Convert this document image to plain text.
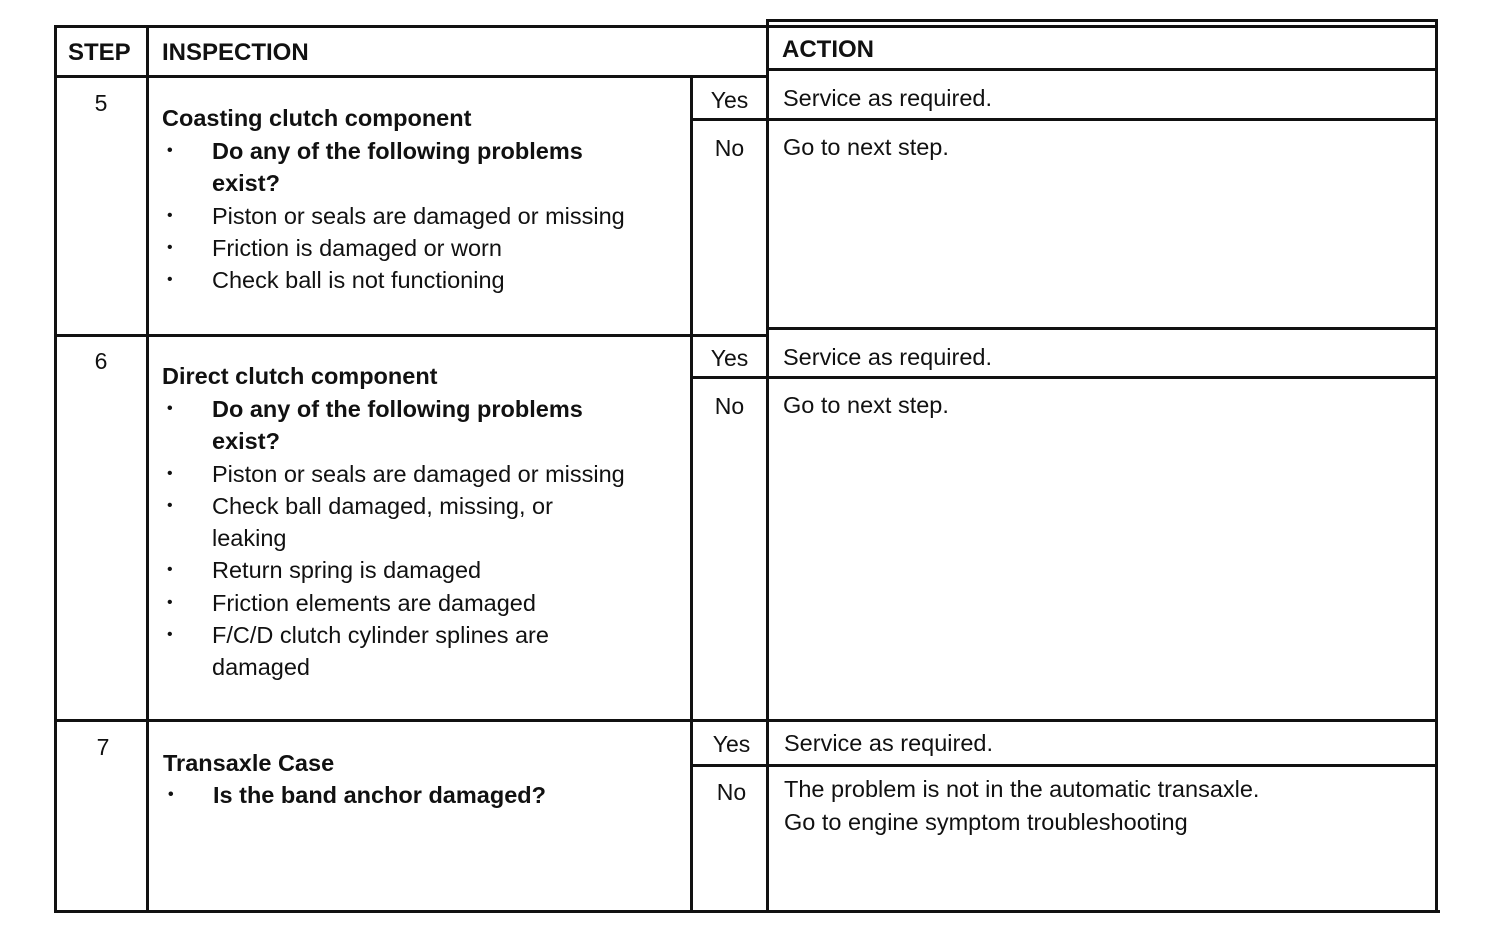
STEP INSPECTION	ACTION
5
Coasting clutch component
• Do any of the following problems exist?
• Piston or seals are damaged or missing
• Friction is damaged or worn
• Check ball is not functioning
Yes	Service as required.
No	Go to next step.
6
Direct clutch component
• Do any of the following problems exist?
• Piston or seals are damaged or missing
• Check ball damaged, missing, or leaking
• Return spring is damaged
• Friction elements are damaged
• F/C/D clutch cylinder splines are damaged
Yes	Service as required.
No	Go to next step.
7
Transaxle Case
• Is the band anchor damaged?
Yes	Service as required.
No	The problem is not in the automatic transaxle.
Go to engine symptom troubleshooting
